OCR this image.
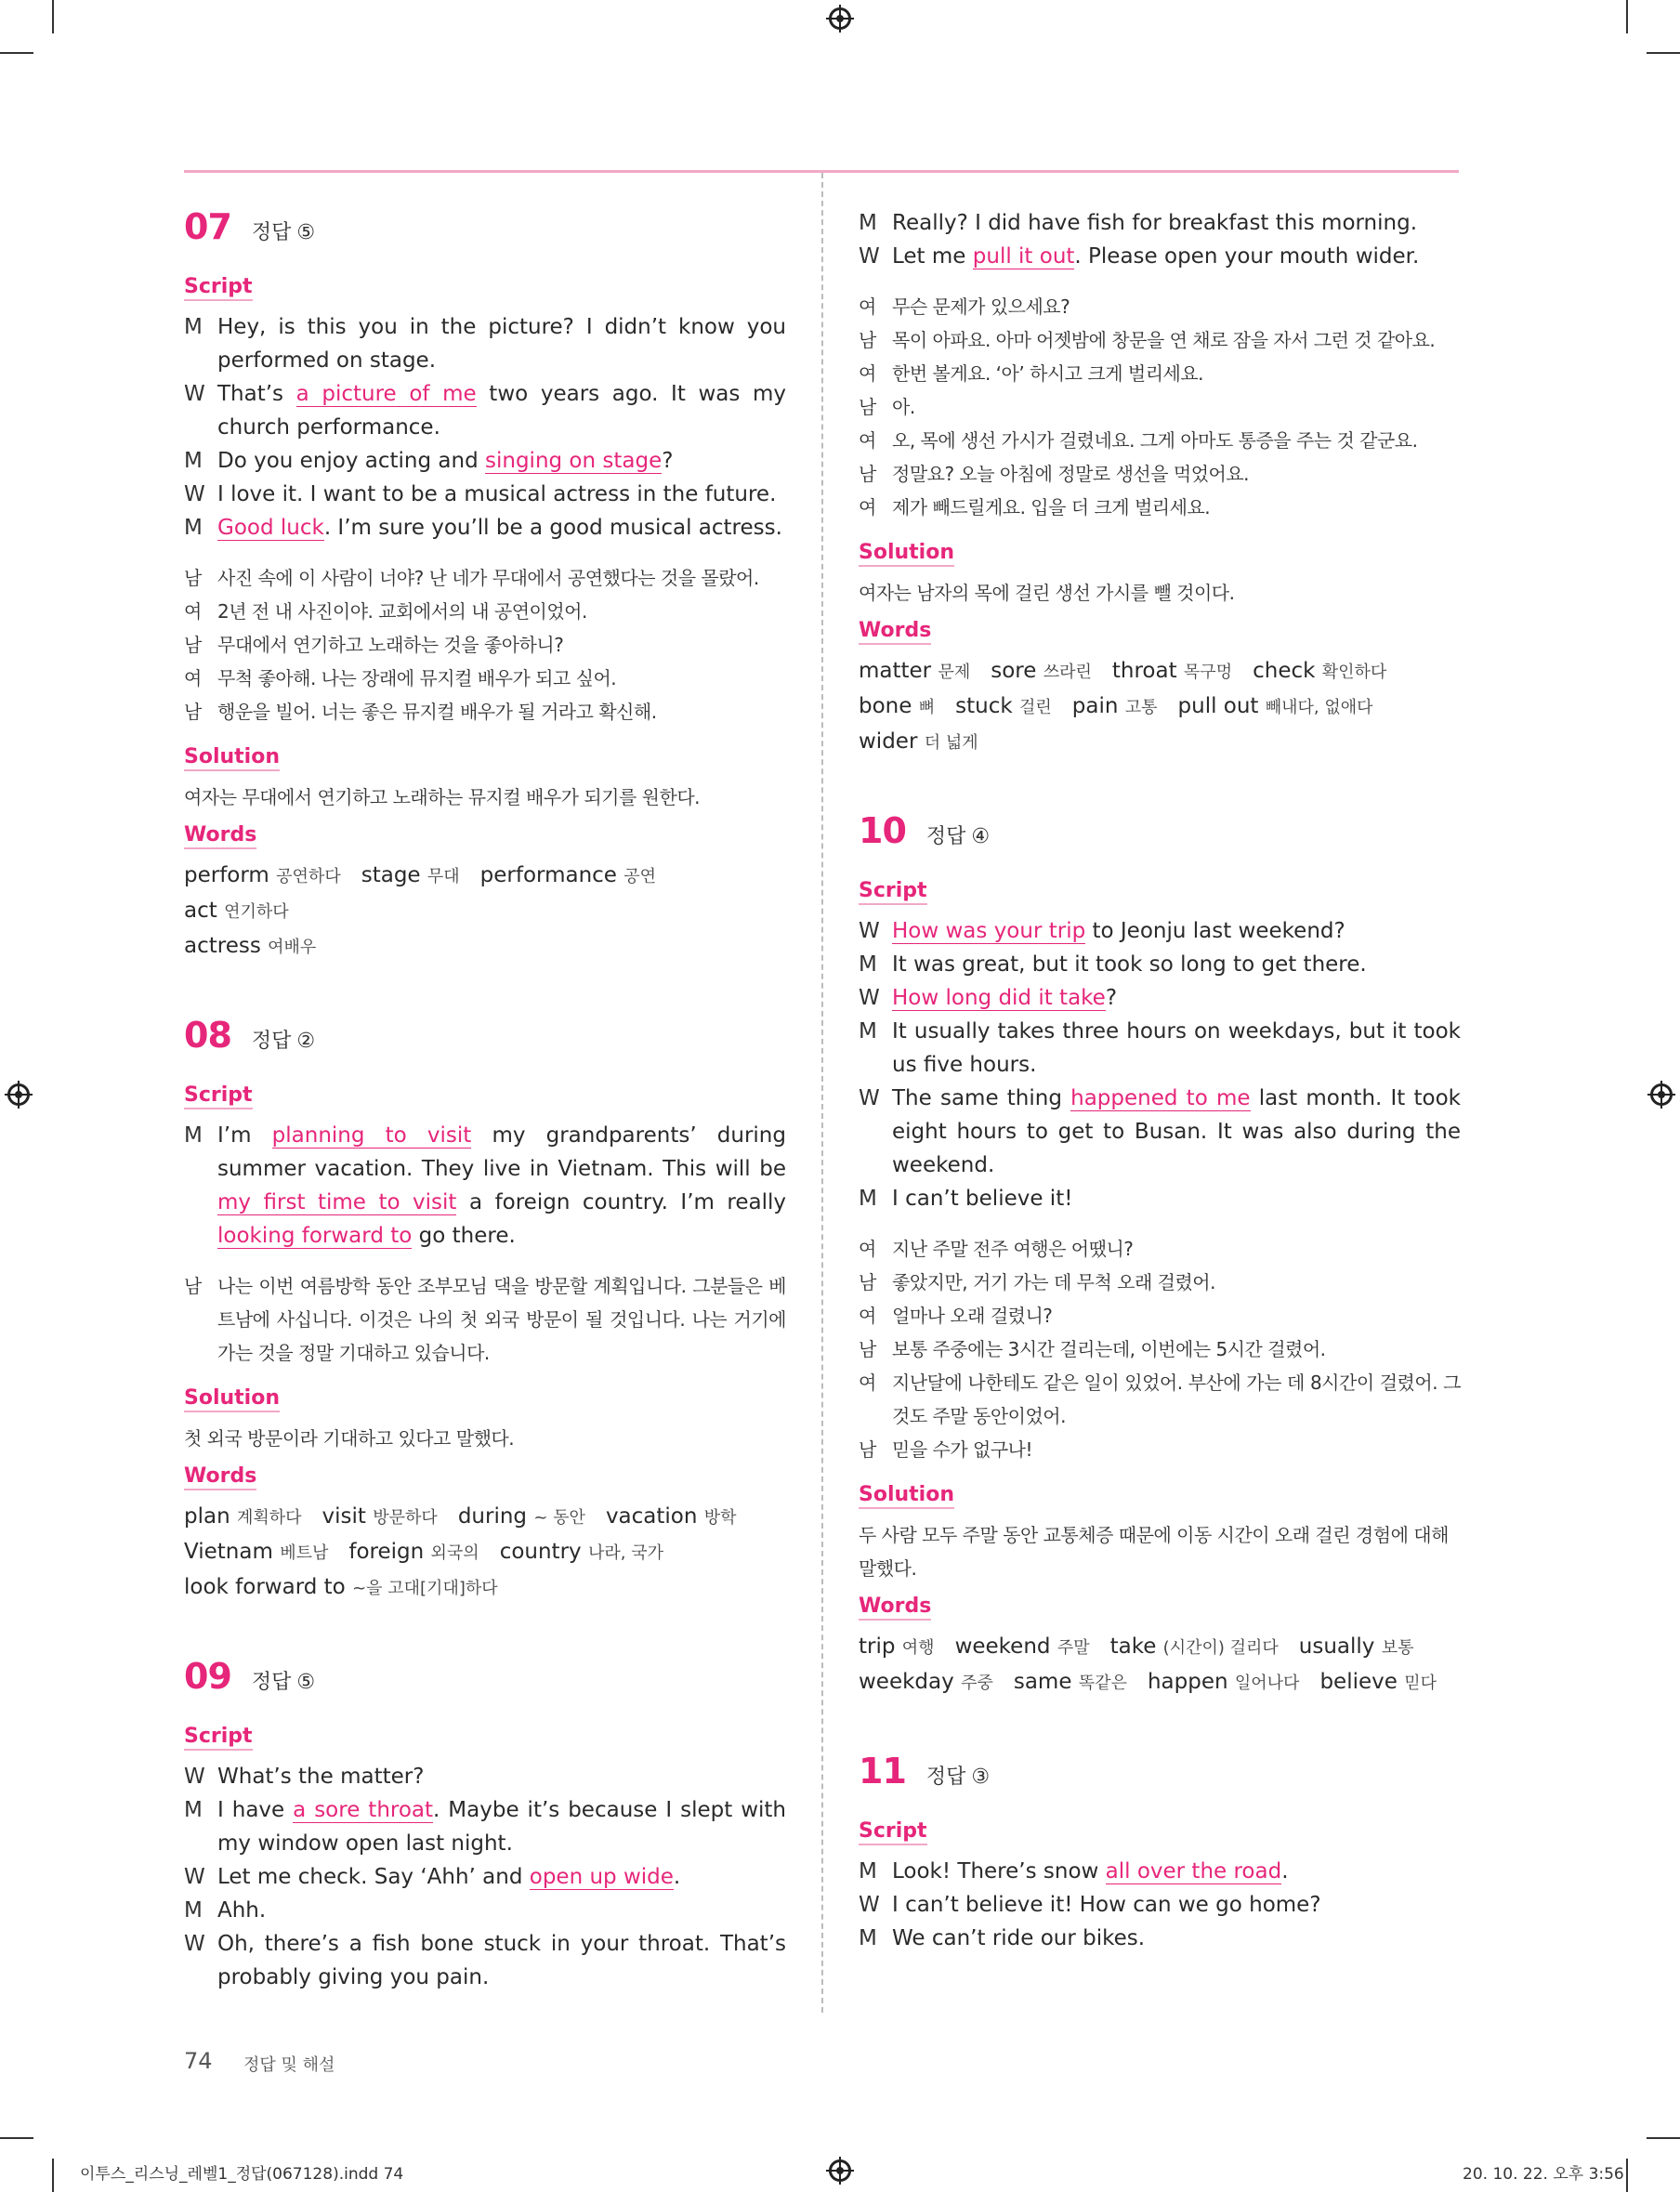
07 정답 ⑤
Script
M Hey, is this you in the picture? I didn’t know you performed on stage.
W That’s a picture of me two years ago. It was my church performance.
M Do you enjoy acting and singing on stage?
W I love it. I want to be a musical actress in the future.
M Good luck. I’m sure you’ll be a good musical actress.
남 사진 속에 이 사람이 너야? 난 네가 무대에서 공연했다는 것을 몰랐어.
여 2년 전 내 사진이야. 교회에서의 내 공연이었어.
남 무대에서 연기하고 노래하는 것을 좋아하니?
여 무척 좋아해. 나는 장래에 뮤지컬 배우가 되고 싶어.
남 행운을 빌어. 너는 좋은 뮤지컬 배우가 될 거라고 확신해.
Solution
여자는 무대에서 연기하고 노래하는 뮤지컬 배우가 되기를 원한다.
Words
perform 공연하다 stage 무대 performance 공연act 연기하다
actress 여배우
08 정답 ②
Script
M I’m planning to visit my grandparents’ during summer vacation. They live in Vietnam. This will be my first time to visit a foreign country. I’m really looking forward to go there.
남 나는 이번 여름방학 동안 조부모님 댁을 방문할 계획입니다. 그분들은 베트남에 사십니다. 이것은 나의 첫 외국 방문이 될 것입니다. 나는 거기에 가는 것을 정말 기대하고 있습니다.
Solution
첫 외국 방문이라 기대하고 있다고 말했다.
Words
plan 계획하다 visit 방문하다 during ~ 동안 vacation 방학
Vietnam 베트남 foreign 외국의 country 나라, 국가
look forward to ~을 고대[기대]하다
09 정답 ⑤
Script
W What’s the matter?
M I have a sore throat. Maybe it’s because I slept with my window open last night.
W Let me check. Say ‘Ahh’ and open up wide.
M Ahh.
W Oh, there’s a fish bone stuck in your throat. That’s probably giving you pain.
M Really? I did have fish for breakfast this morning.
W Let me pull it out. Please open your mouth wider.
여 무슨 문제가 있으세요?
남 목이 아파요. 아마 어젯밤에 창문을 연 채로 잠을 자서 그런 것 같아요.
여 한번 볼게요. ‘아’ 하시고 크게 벌리세요.
남 아.
여 오, 목에 생선 가시가 걸렸네요. 그게 아마도 통증을 주는 것 같군요.
남 정말요? 오늘 아침에 정말로 생선을 먹었어요.
여 제가 빼드릴게요. 입을 더 크게 벌리세요.
Solution
여자는 남자의 목에 걸린 생선 가시를 뺄 것이다.
Words
matter 문제 sore 쓰라린 throat 목구멍 check 확인하다
bone 뼈 stuck 걸린 pain 고통 pull out 빼내다, 없애다
wider 더 넓게
10 정답 ④
Script
W How was your trip to Jeonju last weekend?
M It was great, but it took so long to get there.
W How long did it take?
M It usually takes three hours on weekdays, but it took us five hours.
W The same thing happened to me last month. It took eight hours to get to Busan. It was also during the weekend.
M I can’t believe it!
여 지난 주말 전주 여행은 어땠니?
남 좋았지만, 거기 가는 데 무척 오래 걸렸어.
여 얼마나 오래 걸렸니?
남 보통 주중에는 3시간 걸리는데, 이번에는 5시간 걸렸어.
여 지난달에 나한테도 같은 일이 있었어. 부산에 가는 데 8시간이 걸렸어. 그것도 주말 동안이었어.
남 믿을 수가 없구나!
Solution
두 사람 모두 주말 동안 교통체증 때문에 이동 시간이 오래 걸린 경험에 대해 말했다.
Words
trip 여행 weekend 주말 take (시간이) 걸리다 usually 보통
weekday 주중 same 똑같은 happen 일어나다 believe 믿다
11 정답 ③
Script
M Look! There’s snow all over the road.
W I can’t believe it! How can we go home?
M We can’t ride our bikes.
74 정답 및 해설
이투스_리스닝_레벨1_정답(067128).indd 74	20. 10. 22. 오후 3:56
